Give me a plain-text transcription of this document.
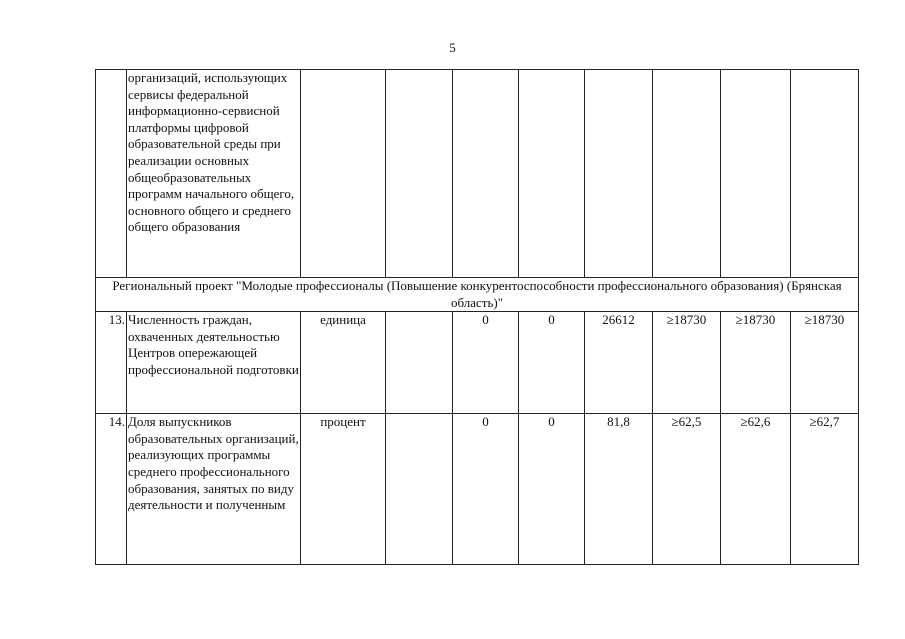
5
	организаций, использующих сервисы федеральной информационно-сервисной платформы цифровой образовательной среды при реализации основных общеобразовательных программ начального общего, основного общего и среднего общего образования								
Региональный проект "Молодые профессионалы (Повышение конкурентоспособности профессионального образования) (Брянская область)"									
13.	Численность граждан, охваченных деятельностью Центров опережающей профессиональной подготовки	единица		0	0	26612	≥18730	≥18730	≥18730
14.	Доля выпускников образовательных организаций, реализующих программы среднего профессионального образования, занятых по виду деятельности и полученным	процент		0	0	81,8	≥62,5	≥62,6	≥62,7
